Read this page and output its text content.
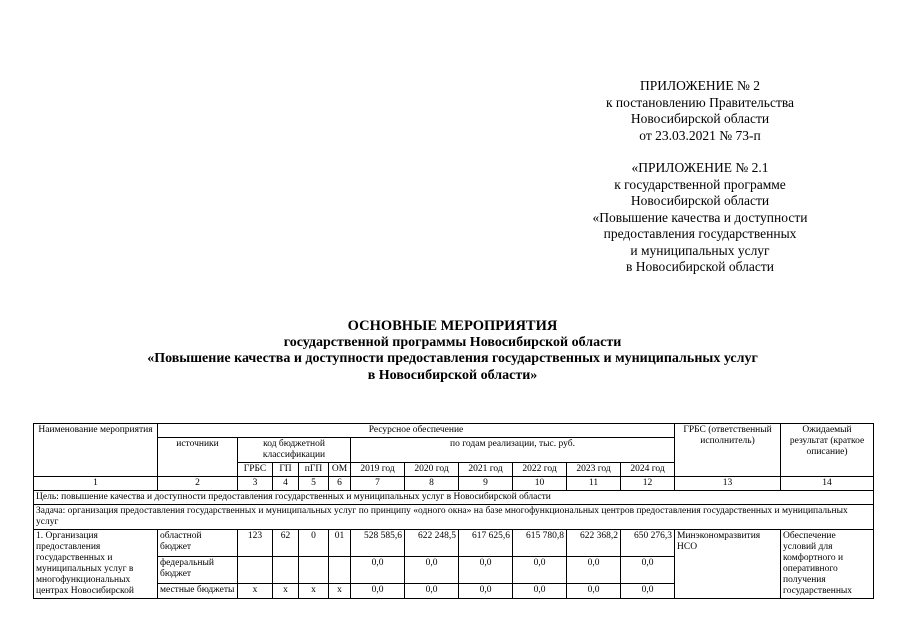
ПРИЛОЖЕНИЕ № 2
к постановлению Правительства
Новосибирской области
от 23.03.2021 № 73-п
«ПРИЛОЖЕНИЕ № 2.1
к государственной программе
Новосибирской области
«Повышение качества и доступности
предоставления государственных
и муниципальных услуг
в Новосибирской области
ОСНОВНЫЕ МЕРОПРИЯТИЯ
государственной программы Новосибирской области
«Повышение качества и доступности предоставления государственных и муниципальных услуг
в Новосибирской области»
Наименование мероприятия	Ресурсное обеспечение											ГРБС (ответственный исполнитель)	Ожидаемый результат (краткое описание)
	источники	код бюджетной классификации				по годам реализации, тыс. руб.							
		ГРБС	ГП	пГП	ОМ	2019 год	2020 год	2021 год	2022 год	2023 год	2024 год		
1	2	3	4	5	6	7	8	9	10	11	12	13	14
Цель: повышение качества и доступности предоставления государственных и муниципальных услуг в Новосибирской области													
Задача: организация предоставления государственных и муниципальных услуг по принципу «одного окна» на базе многофункциональных центров предоставления государственных и муниципальных услуг													
1. Организация предоставления государственных и муниципальных услуг в многофункциональных центрах Новосибирской	областной бюджет	123	62	0	01	528 585,6	622 248,5	617 625,6	615 780,8	622 368,2	650 276,3	Минэкономразвития НСО	Обеспечение условий для комфортного и оперативного получения государственных
	федеральный бюджет					0,0	0,0	0,0	0,0	0,0	0,0		
	местные бюджеты	х	х	х	х	0,0	0,0	0,0	0,0	0,0	0,0		
